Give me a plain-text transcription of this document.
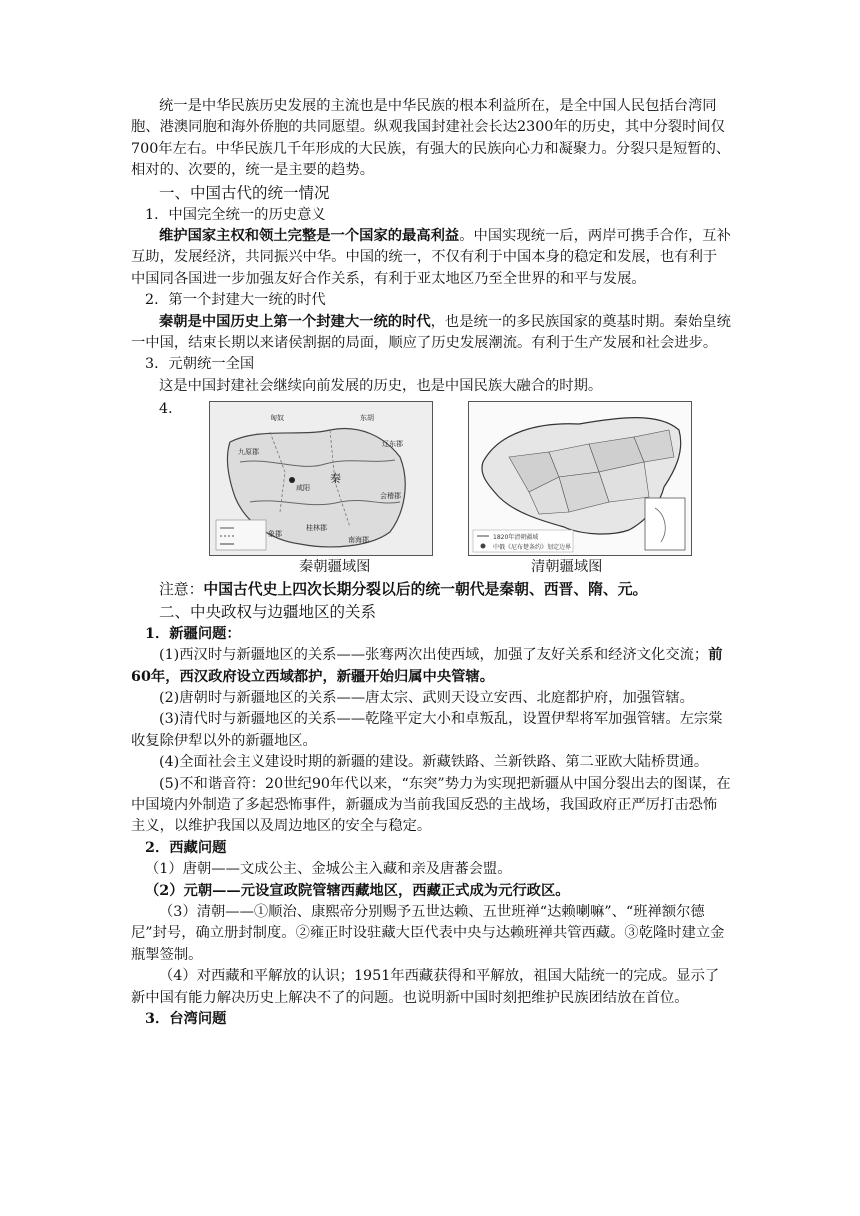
统一是中华民族历史发展的主流也是中华民族的根本利益所在，是全中国人民包括台湾同胞、港澳同胞和海外侨胞的共同愿望。纵观我国封建社会长达2300年的历史，其中分裂时间仅700年左右。中华民族几千年形成的大民族，有强大的民族向心力和凝聚力。分裂只是短暂的、相对的、次要的，统一是主要的趋势。

一、中国古代的统一情况

1．中国完全统一的历史意义

维护国家主权和领土完整是一个国家的最高利益。中国实现统一后，两岸可携手合作，互补互助，发展经济，共同振兴中华。中国的统一，不仅有利于中国本身的稳定和发展，也有利于中国同各国进一步加强友好合作关系，有利于亚太地区乃至全世界的和平与发展。

2．第一个封建大一统的时代

秦朝是中国历史上第一个封建大一统的时代，也是统一的多民族国家的奠基时期。秦始皇统一中国，结束长期以来诸侯割据的局面，顺应了历史发展潮流。有利于生产发展和社会进步。

3．元朝统一全国

这是中国封建社会继续向前发展的历史，也是中国民族大融合的时期。

4．
匈奴	东胡
九原郡
辽东郡
咸阳
秦
会稽郡
桂林郡
象郡
南海郡	1820年清朝疆域
中俄《尼布楚条约》划定边界
秦朝疆域图	清朝疆域图

注意：中国古代史上四次长期分裂以后的统一朝代是秦朝、西晋、隋、元。

二、中央政权与边疆地区的关系

1．新疆问题：

(1)西汉时与新疆地区的关系——张骞两次出使西域，加强了友好关系和经济文化交流；前60年，西汉政府设立西域都护，新疆开始归属中央管辖。

(2)唐朝时与新疆地区的关系——唐太宗、武则天设立安西、北庭都护府，加强管辖。

(3)清代时与新疆地区的关系——乾隆平定大小和卓叛乱，设置伊犁将军加强管辖。左宗棠收复除伊犁以外的新疆地区。

(4)全面社会主义建设时期的新疆的建设。新藏铁路、兰新铁路、第二亚欧大陆桥贯通。

(5)不和谐音符：20世纪90年代以来，“东突”势力为实现把新疆从中国分裂出去的图谋，在中国境内外制造了多起恐怖事件，新疆成为当前我国反恐的主战场，我国政府正严厉打击恐怖主义，以维护我国以及周边地区的安全与稳定。

2．西藏问题

（1）唐朝——文成公主、金城公主入藏和亲及唐蕃会盟。

（2）元朝——元设宣政院管辖西藏地区，西藏正式成为元行政区。

（3）清朝——①顺治、康熙帝分别赐予五世达赖、五世班禅“达赖喇嘛”、“班禅额尔德尼”封号，确立册封制度。②雍正时设驻藏大臣代表中央与达赖班禅共管西藏。③乾隆时建立金瓶掣签制。

（4）对西藏和平解放的认识；1951年西藏获得和平解放，祖国大陆统一的完成。显示了新中国有能力解决历史上解决不了的问题。也说明新中国时刻把维护民族团结放在首位。

3．台湾问题
